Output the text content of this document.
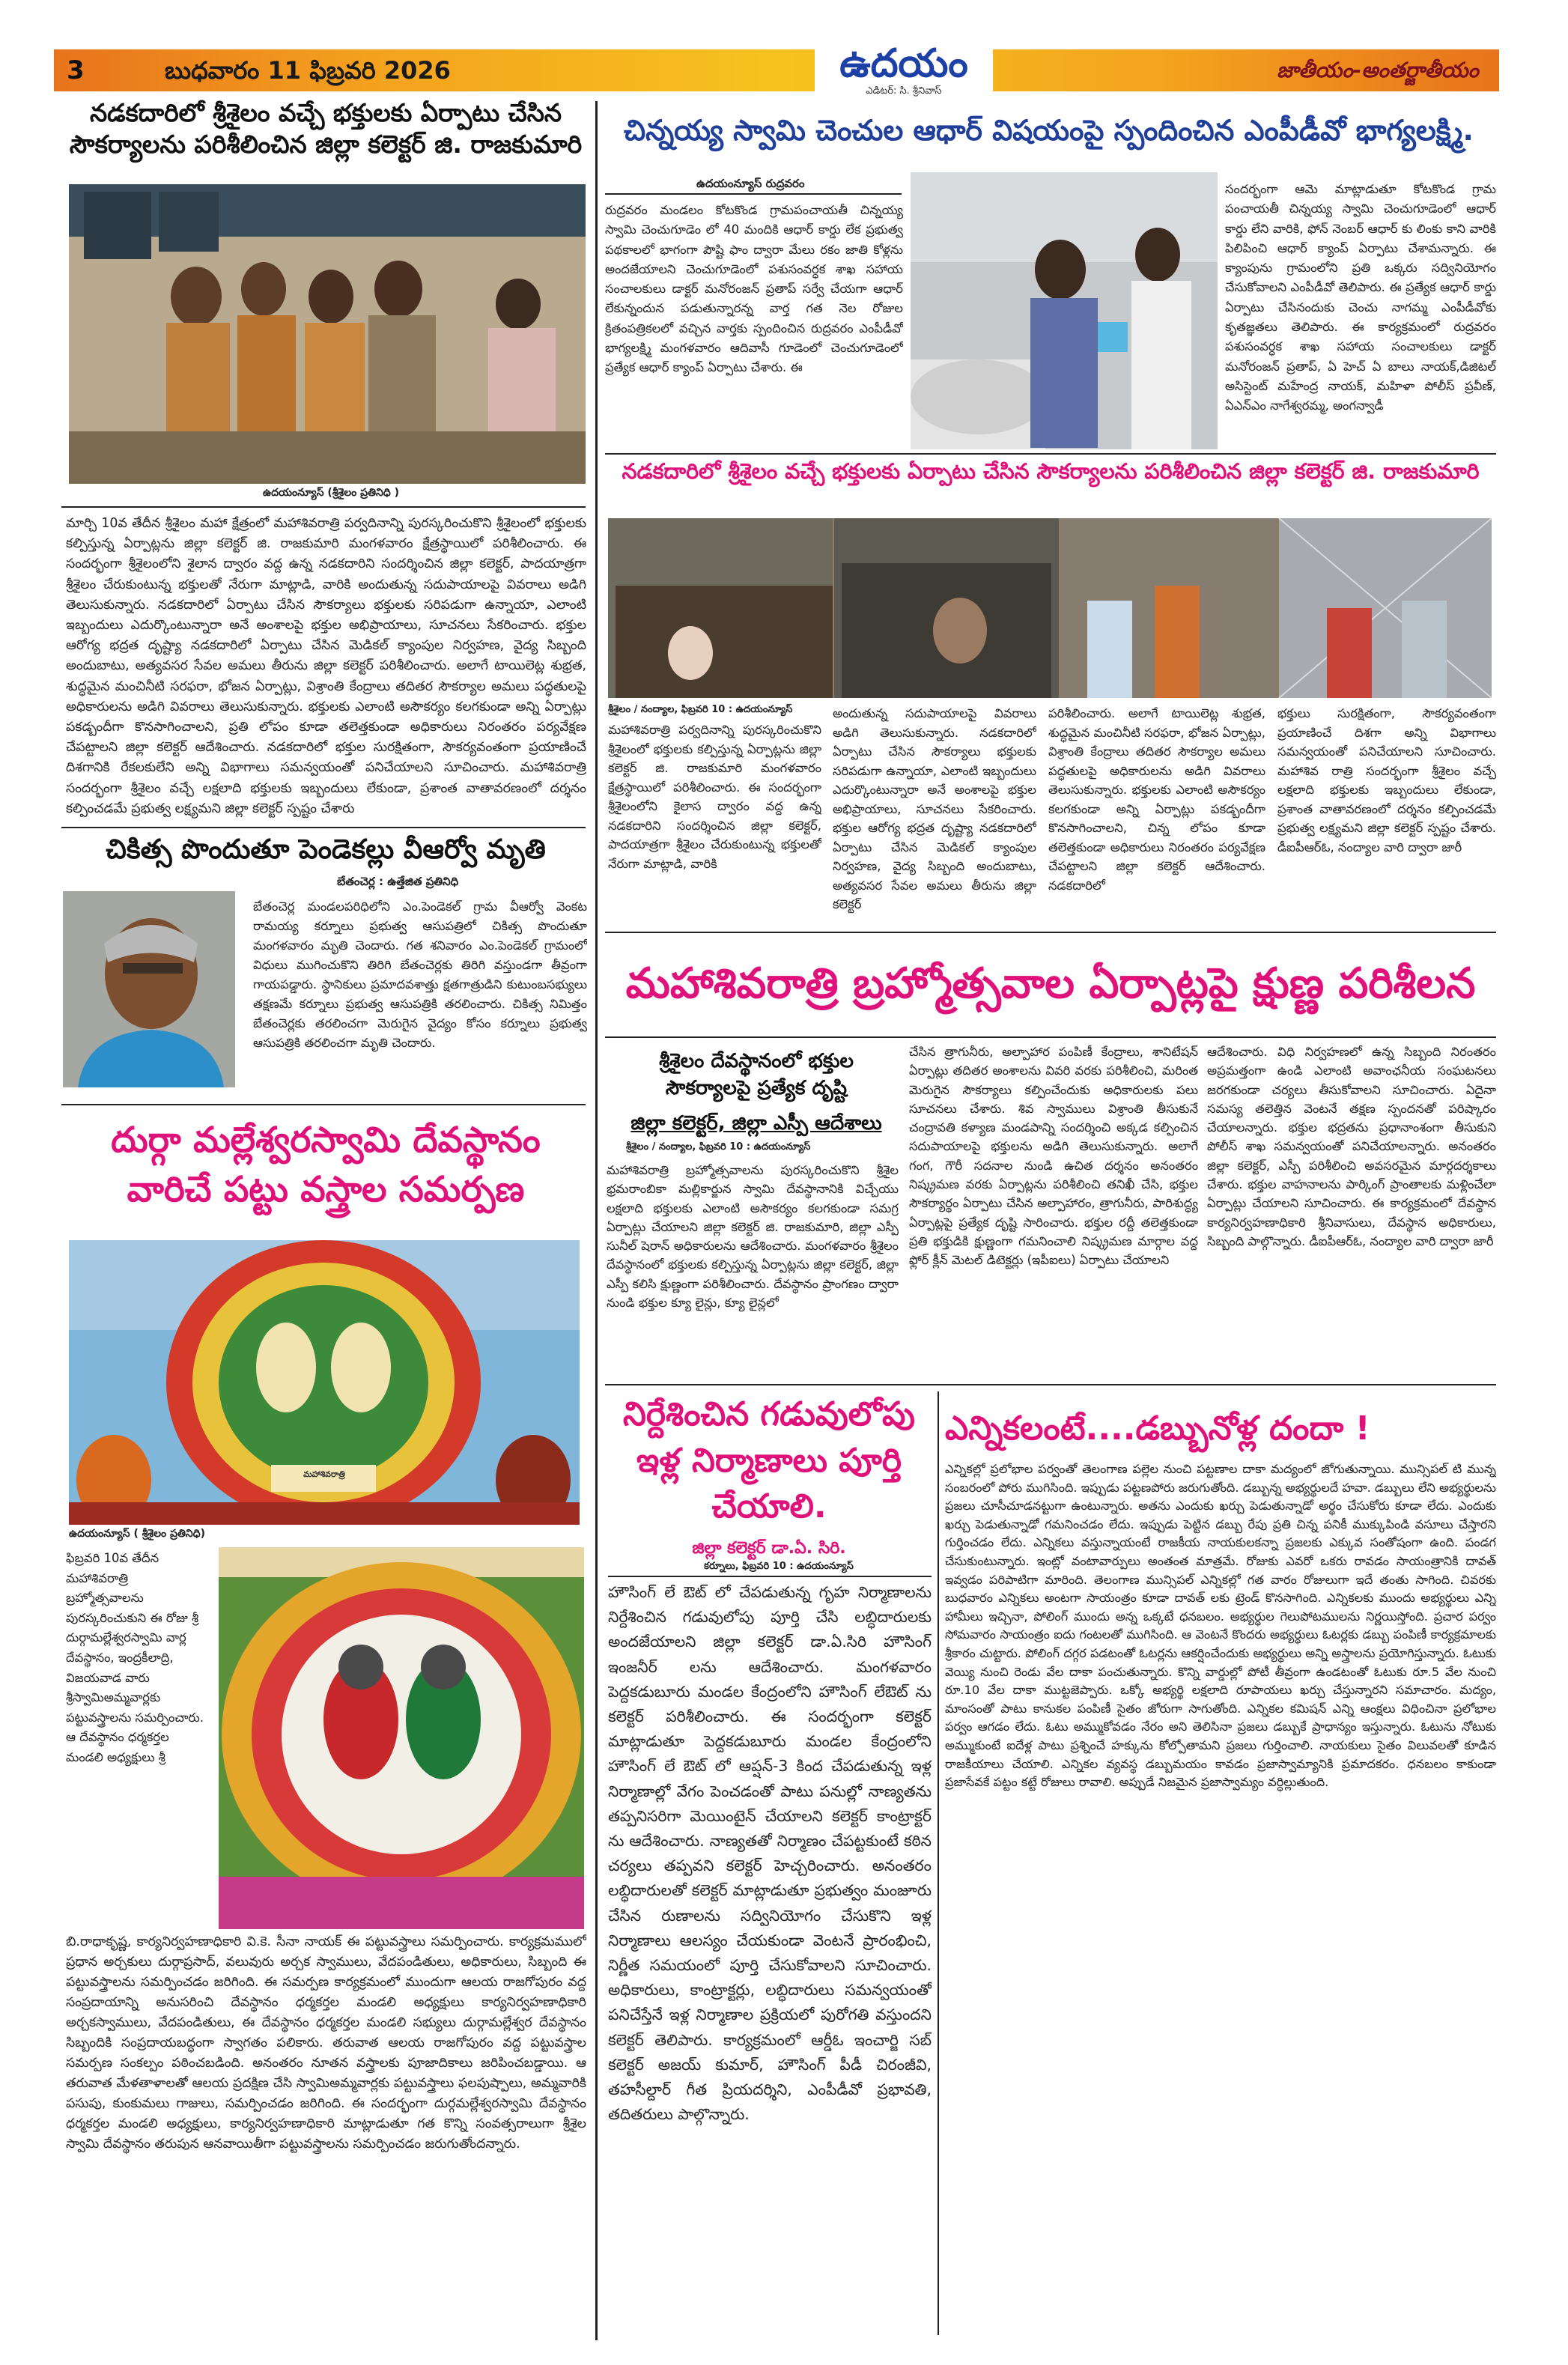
3	బుధవారం 11 ఫిబ్రవరి 2026	ఉదయం
ఎడిటర్: సి. శ్రీనివాస్
జాతీయం-అంతర్జాతీయం
నడకదారిలో శ్రీశైలం వచ్చే భక్తులకు ఏర్పాటు చేసిన సౌకర్యాలను పరిశీలించిన జిల్లా కలెక్టర్ జి. రాజకుమారి
ఉదయంన్యూస్ (శ్రీశైలం ప్రతినిధి )

మార్చి 10వ తేదీన శ్రీశైలం మహా క్షేత్రంలో మహాశివరాత్రి పర్వదినాన్ని పురస్కరించుకొని శ్రీశైలంలో భక్తులకు కల్పిస్తున్న ఏర్పాట్లను జిల్లా కలెక్టర్ జి. రాజకుమారి మంగళవారం క్షేత్రస్థాయిలో పరిశీలించారు. ఈ సందర్భంగా శ్రీశైలంలోని శైలాన ద్వారం వద్ద ఉన్న నడకదారిని సందర్శించిన జిల్లా కలెక్టర్, పాదయాత్రగా శ్రీశైలం చేరుకుంటున్న భక్తులతో నేరుగా మాట్లాడి, వారికి అందుతున్న సదుపాయాలపై వివరాలు అడిగి తెలుసుకున్నారు. నడకదారిలో ఏర్పాటు చేసిన సౌకర్యాలు భక్తులకు సరిపడుగా ఉన్నాయా, ఎలాంటి ఇబ్బందులు ఎదుర్కొంటున్నారా అనే అంశాలపై భక్తుల అభిప్రాయాలు, సూచనలు సేకరించారు. భక్తుల ఆరోగ్య భద్రత దృష్ట్యా నడకదారిలో ఏర్పాటు చేసిన మెడికల్ క్యాంపుల నిర్వహణ, వైద్య సిబ్బంది అందుబాటు, అత్యవసర సేవల అమలు తీరును జిల్లా కలెక్టర్ పరిశీలించారు. అలాగే టాయిలెట్ల శుభ్రత, శుద్ధమైన మంచినీటి సరఫరా, భోజన ఏర్పాట్లు, విశ్రాంతి కేంద్రాలు తదితర సౌకర్యాల అమలు పద్ధతులపై అధికారులను అడిగి వివరాలు తెలుసుకున్నారు. భక్తులకు ఎలాంటి అసౌకర్యం కలగకుండా అన్ని ఏర్పాట్లు పకడ్బందీగా కొనసాగించాలని, ప్రతి లోపం కూడా తలెత్తకుండా అధికారులు నిరంతరం పర్యవేక్షణ చేపట్టాలని జిల్లా కలెక్టర్ ఆదేశించారు. నడకదారిలో భక్తుల సురక్షితంగా, సౌకర్యవంతంగా ప్రయాణించే దిశగానికి రేకలకులేని అన్ని విభాగాలు సమన్వయంతో పనిచేయాలని సూచించారు. మహాశివరాత్రి సందర్భంగా శ్రీశైలం వచ్చే లక్షలాది భక్తులకు ఇబ్బందులు లేకుండా, ప్రశాంత వాతావరణంలో దర్శనం కల్పించడమే ప్రభుత్వ లక్ష్యమని జిల్లా కలెక్టర్ స్పష్టం చేశారు

చికిత్స పొందుతూ పెండెకల్లు వీఆర్వో మృతి
బేతంచెర్ల : ఉత్తేజిత ప్రతినిధి

బేతంచెర్ల మండలపరిధిలోని ఎం.పెండెకల్ గ్రామ వీఆర్వో వెంకట రామయ్య కర్నూలు ప్రభుత్వ ఆసుపత్రిలో చికిత్స పొందుతూ మంగళవారం మృతి చెందారు. గత శనివారం ఎం.పెండెకల్ గ్రామంలో విధులు ముగించుకొని తిరిగి బేతంచెర్లకు తిరిగి వస్తుండగా తీవ్రంగా గాయపడ్డారు. స్థానికులు ప్రమాదవశాత్తు క్షతగాత్రుడిని కుటుంబసభ్యులు తక్షణమే కర్నూలు ప్రభుత్వ ఆసుపత్రికి తరలించారు. చికిత్స నిమిత్తం బేతంచెర్లకు తరలించగా మెరుగైన వైద్యం కోసం కర్నూలు ప్రభుత్వ ఆసుపత్రికి తరలించగా మృతి చెందారు.

దుర్గా మల్లేశ్వరస్వామి దేవస్థానం వారిచే పట్టు వస్త్రాల సమర్పణ
మహాశివరాత్రి
ఉదయంన్యూస్ ( శ్రీశైలం ప్రతినిధి)

ఫిబ్రవరి 10వ తేదీన మహాశివరాత్రి బ్రహ్మోత్సవాలను పురస్కరించుకుని ఈ రోజు శ్రీ దుర్గామల్లేశ్వరస్వామి వార్ల దేవస్థానం, ఇంద్రకీలాద్రి, విజయవాడ వారు శ్రీస్వామిఅమ్మవార్లకు పట్టువస్త్రాలను సమర్పించారు. ఆ దేవస్థానం ధర్మకర్తల మండలి అధ్యక్షులు శ్రీ

బి.రాధాకృష్ణ, కార్యనిర్వహణాధికారి వి.కె. సీనా నాయక్ ఈ పట్టువస్త్రాలు సమర్పించారు. కార్యక్రమములో ప్రధాన అర్చకులు దుర్గాప్రసాద్, వలువురు అర్చక స్వాములు, వేదపండితులు, అధికారులు, సిబ్బంది ఈ పట్టువస్త్రాలను సమర్పించడం జరిగింది. ఈ సమర్పణ కార్యక్రమంలో ముందుగా ఆలయ రాజగోపురం వద్ద సంప్రదాయాన్ని అనుసరించి దేవస్థానం ధర్మకర్తల మండలి అధ్యక్షులు కార్యనిర్వహణాధికారి అర్చకస్వాములు, వేదపండితులు, ఈ దేవస్థానం ధర్మకర్తల మండలి సభ్యులు దుర్గామల్లేశ్వర దేవస్థానం సిబ్బందికి సంప్రదాయబద్ధంగా స్వాగతం పలికారు. తరువాత ఆలయ రాజగోపురం వద్ద పట్టువస్త్రాల సమర్పణ సంకల్పం పఠించబడింది. అనంతరం నూతన వస్త్రాలకు పూజాదికాలు జరిపించబడ్డాయి. ఆ తరువాత మేళతాళాలతో ఆలయ ప్రదక్షిణ చేసి స్వామిఅమ్మవార్లకు పట్టువస్త్రాలు ఫలపుష్పాలు, అమ్మవారికి పసుపు, కుంకుమలు గాజులు, సమర్పించడం జరిగింది. ఈ సందర్భంగా దుర్గమల్లేశ్వరస్వామి దేవస్థానం ధర్మకర్తల మండలి అధ్యక్షులు, కార్యనిర్వహణాధికారి మాట్లాడుతూ గత కొన్ని సంవత్సరాలుగా శ్రీశైల స్వామి దేవస్థానం తరుపున ఆనవాయితీగా పట్టువస్త్రాలను సమర్పించడం జరుగుతోందన్నారు.

చిన్నయ్య స్వామి చెంచుల ఆధార్ విషయంపై స్పందించిన ఎంపీడీవో భాగ్యలక్ష్మి.
ఉదయంన్యూస్ రుద్రవరం

రుద్రవరం మండలం కోటకొండ గ్రామపంచాయతీ చిన్నయ్య స్వామి చెంచుగూడెం లో 40 మందికి ఆధార్ కార్డు లేక ప్రభుత్వ పథకాలలో భాగంగా పౌష్టి ఫాం ద్వారా మేలు రకం జాతి కోళ్లను అందజేయాలని చెంచుగూడెంలో పశుసంవర్ధక శాఖ సహాయ సంచాలకులు డాక్టర్ మనోరంజన్ ప్రతాప్ సర్వే చేయగా ఆధార్ లేకున్నందున పడుతున్నారన్న వార్త గత నెల రోజుల క్రితంపత్రికలలో వచ్చిన వార్తకు స్పందించిన రుద్రవరం ఎంపీడీవో భాగ్యలక్ష్మి మంగళవారం ఆదివాసీ గూడెంలో చెంచుగూడెంలో ప్రత్యేక ఆధార్ క్యాంప్ ఏర్పాటు చేశారు. ఈ

సందర్భంగా ఆమె మాట్లాడుతూ కోటకొండ గ్రామ పంచాయతీ చిన్నయ్య స్వామి చెంచుగూడెంలో ఆధార్ కార్డు లేని వారికి, ఫోన్ నెంబర్ ఆధార్ కు లింకు కాని వారికి పిలిపించి ఆధార్ క్యాంప్ ఏర్పాటు చేశామన్నారు. ఈ క్యాంపును గ్రామంలోని ప్రతి ఒక్కరు సద్వినియోగం చేసుకోవాలని ఎంపీడీవో తెలిపారు. ఈ ప్రత్యేక ఆధార్ కార్డు ఏర్పాటు చేసినందుకు చెంచు నాగమ్మ ఎంపీడీవోకు కృతజ్ఞతలు తెలిపారు. ఈ కార్యక్రమంలో రుద్రవరం పశుసంవర్ధక శాఖ సహాయ సంచాలకులు డాక్టర్ మనోరంజన్ ప్రతాప్, ఏ హెచ్ ఏ బాలు నాయక్,డిజిటల్ అసిస్టెంట్ మహేంద్ర నాయక్, మహిళా పోలీస్ ప్రవీణ్, ఏఎన్ఎం నాగేశ్వరమ్మ, అంగన్వాడీ

నడకదారిలో శ్రీశైలం వచ్చే భక్తులకు ఏర్పాటు చేసిన సౌకర్యాలను పరిశీలించిన జిల్లా కలెక్టర్ జి. రాజకుమారి
శ్రీశైలం / నంద్యాల, ఫిబ్రవరి 10 : ఉదయంన్యూస్

మహాశివరాత్రి పర్వదినాన్ని పురస్కరించుకొని శ్రీశైలంలో భక్తులకు కల్పిస్తున్న ఏర్పాట్లను జిల్లా కలెక్టర్ జి. రాజకుమారి మంగళవారం క్షేత్రస్థాయిలో పరిశీలించారు. ఈ సందర్భంగా శ్రీశైలంలోని కైలాస ద్వారం వద్ద ఉన్న నడకదారిని సందర్శించిన జిల్లా కలెక్టర్, పాదయాత్రగా శ్రీశైలం చేరుకుంటున్న భక్తులతో నేరుగా మాట్లాడి, వారికి

అందుతున్న సదుపాయాలపై వివరాలు అడిగి తెలుసుకున్నారు. నడకదారిలో ఏర్పాటు చేసిన సౌకర్యాలు భక్తులకు సరిపడుగా ఉన్నాయా, ఎలాంటి ఇబ్బందులు ఎదుర్కొంటున్నారా అనే అంశాలపై భక్తుల అభిప్రాయాలు, సూచనలు సేకరించారు. భక్తుల ఆరోగ్య భద్రత దృష్ట్యా నడకదారిలో ఏర్పాటు చేసిన మెడికల్ క్యాంపుల నిర్వహణ, వైద్య సిబ్బంది అందుబాటు, అత్యవసర సేవల అమలు తీరును జిల్లా కలెక్టర్

పరిశీలించారు. అలాగే టాయిలెట్ల శుభ్రత, శుద్ధమైన మంచినీటి సరఫరా, భోజన ఏర్పాట్లు, విశ్రాంతి కేంద్రాలు తదితర సౌకర్యాల అమలు పద్ధతులపై అధికారులను అడిగి వివరాలు తెలుసుకున్నారు. భక్తులకు ఎలాంటి అసౌకర్యం కలగకుండా అన్ని ఏర్పాట్లు పకడ్బందీగా కొనసాగించాలని, చిన్న లోపం కూడా తలెత్తకుండా అధికారులు నిరంతరం పర్యవేక్షణ చేపట్టాలని జిల్లా కలెక్టర్ ఆదేశించారు. నడకదారిలో

భక్తులు సురక్షితంగా, సౌకర్యవంతంగా ప్రయాణించే దిశగా అన్ని విభాగాలు సమన్వయంతో పనిచేయాలని సూచించారు. మహాశివ రాత్రి సందర్భంగా శ్రీశైలం వచ్చే లక్షలాది భక్తులకు ఇబ్బందులు లేకుండా, ప్రశాంత వాతావరణంలో దర్శనం కల్పించడమే ప్రభుత్వ లక్ష్యమని జిల్లా కలెక్టర్ స్పష్టం చేశారు. డీఐపీఆర్ఓ, నంద్యాల వారి ద్వారా జారీ

మహాశివరాత్రి బ్రహ్మోత్సవాల ఏర్పాట్లపై క్షుణ్ణ పరిశీలన
శ్రీశైలం దేవస్థానంలో భక్తుల సౌకర్యాలపై ప్రత్యేక దృష్టి
జిల్లా కలెక్టర్, జిల్లా ఎస్పీ ఆదేశాలు
శ్రీశైలం / నంద్యాల, ఫిబ్రవరి 10 : ఉదయంన్యూస్

మహాశివరాత్రి బ్రహ్మోత్సవాలను పురస్కరించుకొని శ్రీశైల భ్రమరాంబికా మల్లికార్జున స్వామి దేవస్థానానికి విచ్చేయు లక్షలాది భక్తులకు ఎలాంటి అసౌకర్యం కలగకుండా సమగ్ర ఏర్పాట్లు చేయాలని జిల్లా కలెక్టర్ జి. రాజకుమారి, జిల్లా ఎస్పీ సునీల్ షెరాన్ అధికారులను ఆదేశించారు. మంగళవారం శ్రీశైలం దేవస్థానంలో భక్తులకు కల్పిస్తున్న ఏర్పాట్లను జిల్లా కలెక్టర్, జిల్లా ఎస్పీ కలిసి క్షుణ్ణంగా పరిశీలించారు. దేవస్థానం ప్రాంగణం ద్వారా నుండి భక్తుల క్యూ లైన్లు, క్యూ లైన్లలో

చేసిన త్రాగునీరు, అల్పాహార పంపిణీ కేంద్రాలు, శానిటేషన్ ఏర్పాట్లు తదితర అంశాలను వివరి వరకు పరిశీలించి, మరింత మెరుగైన సౌకర్యాలు కల్పించేందుకు అధికారులకు పలు సూచనలు చేశారు. శివ స్వాములు విశ్రాంతి తీసుకునే చంద్రావతి కళ్యాణ మండపాన్ని సందర్శించి అక్కడ కల్పించిన సదుపాయాలపై భక్తులను అడిగి తెలుసుకున్నారు. అలాగే గంగ, గౌరీ సదనాల నుండి ఉచిత దర్శనం అనంతరం నిష్క్రమణ వరకు ఏర్పాట్లను పరిశీలించి తనిఖీ చేసి, భక్తుల సౌకర్యార్థం ఏర్పాటు చేసిన అల్పాహారం, త్రాగునీరు, పారిశుద్ధ్య ఏర్పాట్లపై ప్రత్యేక దృష్టి సారించారు. భక్తుల రద్దీ తలెత్తకుండా ప్రతి భక్తుడికి క్షుణ్ణంగా గమనించాలి నిష్క్రమణ మార్గాల వద్ద ఫ్లోర్ క్లీన్ మెటల్ డిటెక్టర్లు (ఇపీఐలు) ఏర్పాటు చేయాలని

ఆదేశించారు. విధి నిర్వహణలో ఉన్న సిబ్బంది నిరంతరం అప్రమత్తంగా ఉండి ఎలాంటి అవాంఛనీయ సంఘటనలు జరగకుండా చర్యలు తీసుకోవాలని సూచించారు. ఏదైనా సమస్య తలెత్తిన వెంటనే తక్షణ స్పందనతో పరిష్కారం చేయాలన్నారు. భక్తుల భద్రతను ప్రధానాంశంగా తీసుకుని పోలీస్ శాఖ సమన్వయంతో పనిచేయాలన్నారు. అనంతరం జిల్లా కలెక్టర్, ఎస్పీ పరిశీలించి అవసరమైన మార్గదర్శకాలు చేశారు. భక్తుల వాహనాలను పార్కింగ్ ప్రాంతాలకు మళ్లించేలా ఏర్పాట్లు చేయాలని సూచించారు. ఈ కార్యక్రమంలో దేవస్థాన కార్యనిర్వహణాధికారి శ్రీనివాసులు, దేవస్థాన అధికారులు, సిబ్బంది పాల్గొన్నారు. డీఐపీఆర్ఓ, నంద్యాల వారి ద్వారా జారీ

నిర్దేశించిన గడువులోపు ఇళ్ల నిర్మాణాలు పూర్తి చేయాలి.
జిల్లా కలెక్టర్ డా.ఏ. సిరి.
కర్నూలు, ఫిబ్రవరి 10 : ఉదయంన్యూస్

హౌసింగ్ లే ఔట్ లో చేపడుతున్న గృహ నిర్మాణాలను నిర్దేశించిన గడువులోపు పూర్తి చేసి లబ్ధిదారులకు అందజేయాలని జిల్లా కలెక్టర్ డా.ఏ.సిరి హౌసింగ్ ఇంజనీర్ లను ఆదేశించారు. మంగళవారం పెద్దకడుబూరు మండల కేంద్రంలోని హౌసింగ్ లేఔట్ ను కలెక్టర్ పరిశీలించారు. ఈ సందర్భంగా కలెక్టర్ మాట్లాడుతూ పెద్దకడుబూరు మండల కేంద్రంలోని హౌసింగ్ లే ఔట్ లో ఆప్షన్-3 కింద చేపడుతున్న ఇళ్ల నిర్మాణాల్లో వేగం పెంచడంతో పాటు పనుల్లో నాణ్యతను తప్పనిసరిగా మెయింటైన్ చేయాలని కలెక్టర్ కాంట్రాక్టర్ ను ఆదేశించారు. నాణ్యతతో నిర్మాణం చేపట్టకుంటే కఠిన చర్యలు తప్పవని కలెక్టర్ హెచ్చరించారు. అనంతరం లబ్ధిదారులతో కలెక్టర్ మాట్లాడుతూ ప్రభుత్వం మంజూరు చేసిన రుణాలను సద్వినియోగం చేసుకొని ఇళ్ల నిర్మాణాలు ఆలస్యం చేయకుండా వెంటనే ప్రారంభించి, నిర్ణీత సమయంలో పూర్తి చేసుకోవాలని సూచించారు. అధికారులు, కాంట్రాక్టర్లు, లబ్ధిదారులు సమన్వయంతో పనిచేస్తేనే ఇళ్ల నిర్మాణాల ప్రక్రియలో పురోగతి వస్తుందని కలెక్టర్ తెలిపారు. కార్యక్రమంలో ఆర్డీఓ ఇంచార్జి సబ్ కలెక్టర్ అజయ్ కుమార్, హౌసింగ్ పీడీ చిరంజీవి, తహసీల్దార్ గీత ప్రియదర్శిని, ఎంపీడీవో ప్రభావతి, తదితరులు పాల్గొన్నారు.

ఎన్నికలంటే....డబ్బునోళ్ల దందా !

ఎన్నికల్లో ప్రలోభాల పర్వంతో తెలంగాణ పల్లెల నుంచి పట్టణాల దాకా మద్యంలో జోగుతున్నాయి. మున్సిపల్ టి మున్న సంబరంలో పోరు ముగిసింది. ఇప్పుడు పట్టణపోరు జరుగుతోంది. డబ్బున్న అభ్యర్థులదే హవా. డబ్బులు లేని అభ్యర్థులను ప్రజలు చూసీచూడనట్టుగా ఉంటున్నారు. అతను ఎందుకు ఖర్చు పెడుతున్నాడో అర్థం చేసుకోరు కూడా లేదు. ఎందుకు ఖర్చు పెడుతున్నాడో గమనించడం లేదు. ఇప్పుడు పెట్టిన డబ్బు రేపు ప్రతి చిన్న పనికీ ముక్కుపిండి వసూలు చేస్తారని గుర్తించడం లేదు. ఎన్నికలు వస్తున్నాయంటే రాజకీయ నాయకులకన్నా ప్రజలకు ఎక్కువ సంతోషంగా ఉంది. పండగ చేసుకుంటున్నారు. ఇంట్లో వంటావార్పులు అంతంత మాత్రమే. రోజుకు ఎవరో ఒకరు రావడం సాయంత్రానికి దావత్ ఇవ్వడం పరిపాటిగా మారింది. తెలంగాణ మున్సిపల్ ఎన్నికల్లో గత వారం రోజులుగా ఇదే తంతు సాగింది. చివరకు బుధవారం ఎన్నికలు అంటగా సాయంత్రం కూడా దావత్ లకు ట్రెండ్ కొనసాగింది. ఎన్నికలకు ముందు అభ్యర్థులు ఎన్ని హామీలు ఇచ్చినా, పోలింగ్ ముందు అన్న ఒక్కటే ధనబలం. అభ్యర్థుల గెలుపోటములను నిర్ణయిస్తోంది. ప్రచార పర్వం సోమవారం సాయంత్రం ఐదు గంటలతో ముగిసింది. ఆ వెంటనే కొందరు అభ్యర్థులు ఓటర్లకు డబ్బు పంపిణీ కార్యక్రమాలకు శ్రీకారం చుట్టారు. పోలింగ్ దగ్గర పడటంతో ఓటర్లను ఆకర్షించేందుకు అభ్యర్థులు అన్ని అస్త్రాలను ప్రయోగిస్తున్నారు. ఓటుకు వెయ్యి నుంచి రెండు వేల దాకా పంచుతున్నారు. కొన్ని వార్డుల్లో పోటీ తీవ్రంగా ఉండటంతో ఓటుకు రూ.5 వేల నుంచి రూ.10 వేల దాకా ముట్టజెప్పారు. ఒక్కో అభ్యర్థి లక్షలాది రూపాయలు ఖర్చు చేస్తున్నారని సమాచారం. మద్యం, మాంసంతో పాటు కానుకల పంపిణీ సైతం జోరుగా సాగుతోంది. ఎన్నికల కమిషన్ ఎన్ని ఆంక్షలు విధించినా ప్రలోభాల పర్వం ఆగడం లేదు. ఓటు అమ్ముకోవడం నేరం అని తెలిసినా ప్రజలు డబ్బుకే ప్రాధాన్యం ఇస్తున్నారు. ఓటును నోటుకు అమ్ముకుంటే ఐదేళ్ల పాటు ప్రశ్నించే హక్కును కోల్పోతామని ప్రజలు గుర్తించాలి. నాయకులు సైతం విలువలతో కూడిన రాజకీయాలు చేయాలి. ఎన్నికల వ్యవస్థ డబ్బుమయం కావడం ప్రజాస్వామ్యానికి ప్రమాదకరం. ధనబలం కాకుండా ప్రజాసేవకే పట్టం కట్టే రోజులు రావాలి. అప్పుడే నిజమైన ప్రజాస్వామ్యం వర్ధిల్లుతుంది.
